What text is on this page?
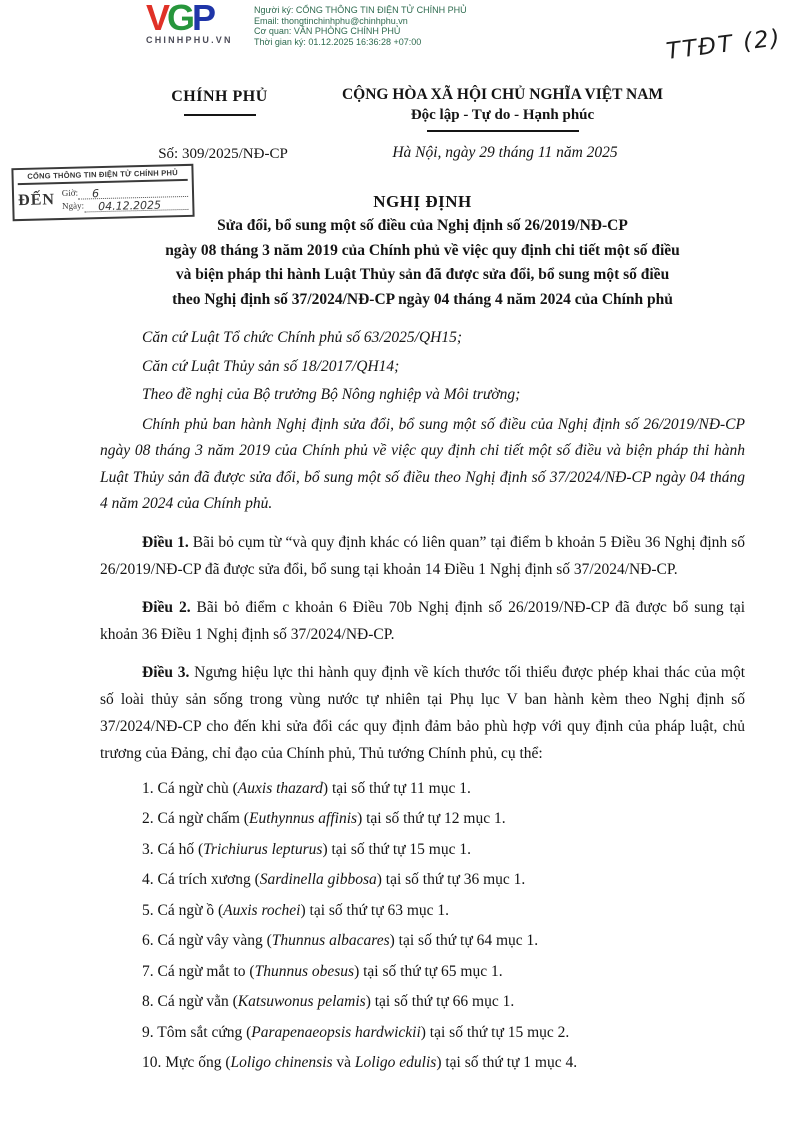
VGP
CHINHPHU.VN
Người ký: CỔNG THÔNG TIN ĐIỆN TỬ CHÍNH PHỦ
Email: thongtinchinhphu@chinhphu.vn
Cơ quan: VĂN PHÒNG CHÍNH PHỦ
Thời gian ký: 01.12.2025 16:36:28 +07:00	TTĐT (2)
CHÍNH PHỦ	CỘNG HÒA XÃ HỘI CHỦ NGHĨA VIỆT NAM
Độc lập - Tự do - Hạnh phúc
Số: 309/2025/NĐ-CP	Hà Nội, ngày 29 tháng 11 năm 2025
CỔNG THÔNG TIN ĐIỆN TỬ CHÍNH PHỦ
ĐẾN Giờ: 6
Ngày: 04.12.2025	NGHỊ ĐỊNH
Sửa đổi, bổ sung một số điều của Nghị định số 26/2019/NĐ-CP
ngày 08 tháng 3 năm 2019 của Chính phủ về việc quy định chi tiết một số điều
và biện pháp thi hành Luật Thủy sản đã được sửa đổi, bổ sung một số điều
theo Nghị định số 37/2024/NĐ-CP ngày 04 tháng 4 năm 2024 của Chính phủ
Căn cứ Luật Tổ chức Chính phủ số 63/2025/QH15;
Căn cứ Luật Thủy sản số 18/2017/QH14;
Theo đề nghị của Bộ trưởng Bộ Nông nghiệp và Môi trường;
Chính phủ ban hành Nghị định sửa đổi, bổ sung một số điều của Nghị định số 26/2019/NĐ-CP ngày 08 tháng 3 năm 2019 của Chính phủ về việc quy định chi tiết một số điều và biện pháp thi hành Luật Thủy sản đã được sửa đổi, bổ sung một số điều theo Nghị định số 37/2024/NĐ-CP ngày 04 tháng 4 năm 2024 của Chính phủ.
Điều 1. Bãi bỏ cụm từ “và quy định khác có liên quan” tại điểm b khoản 5 Điều 36 Nghị định số 26/2019/NĐ-CP đã được sửa đổi, bổ sung tại khoản 14 Điều 1 Nghị định số 37/2024/NĐ-CP.
Điều 2. Bãi bỏ điểm c khoản 6 Điều 70b Nghị định số 26/2019/NĐ-CP đã được bổ sung tại khoản 36 Điều 1 Nghị định số 37/2024/NĐ-CP.
Điều 3. Ngưng hiệu lực thi hành quy định về kích thước tối thiểu được phép khai thác của một số loài thủy sản sống trong vùng nước tự nhiên tại Phụ lục V ban hành kèm theo Nghị định số 37/2024/NĐ-CP cho đến khi sửa đổi các quy định đảm bảo phù hợp với quy định của pháp luật, chủ trương của Đảng, chỉ đạo của Chính phủ, Thủ tướng Chính phủ, cụ thể:
1. Cá ngừ chù (Auxis thazard) tại số thứ tự 11 mục 1.
2. Cá ngừ chấm (Euthynnus affinis) tại số thứ tự 12 mục 1.
3. Cá hố (Trichiurus lepturus) tại số thứ tự 15 mục 1.
4. Cá trích xương (Sardinella gibbosa) tại số thứ tự 36 mục 1.
5. Cá ngừ ồ (Auxis rochei) tại số thứ tự 63 mục 1.
6. Cá ngừ vây vàng (Thunnus albacares) tại số thứ tự 64 mục 1.
7. Cá ngừ mắt to (Thunnus obesus) tại số thứ tự 65 mục 1.
8. Cá ngừ vằn (Katsuwonus pelamis) tại số thứ tự 66 mục 1.
9. Tôm sắt cứng (Parapenaeopsis hardwickii) tại số thứ tự 15 mục 2.
10. Mực ống (Loligo chinensis và Loligo edulis) tại số thứ tự 1 mục 4.
